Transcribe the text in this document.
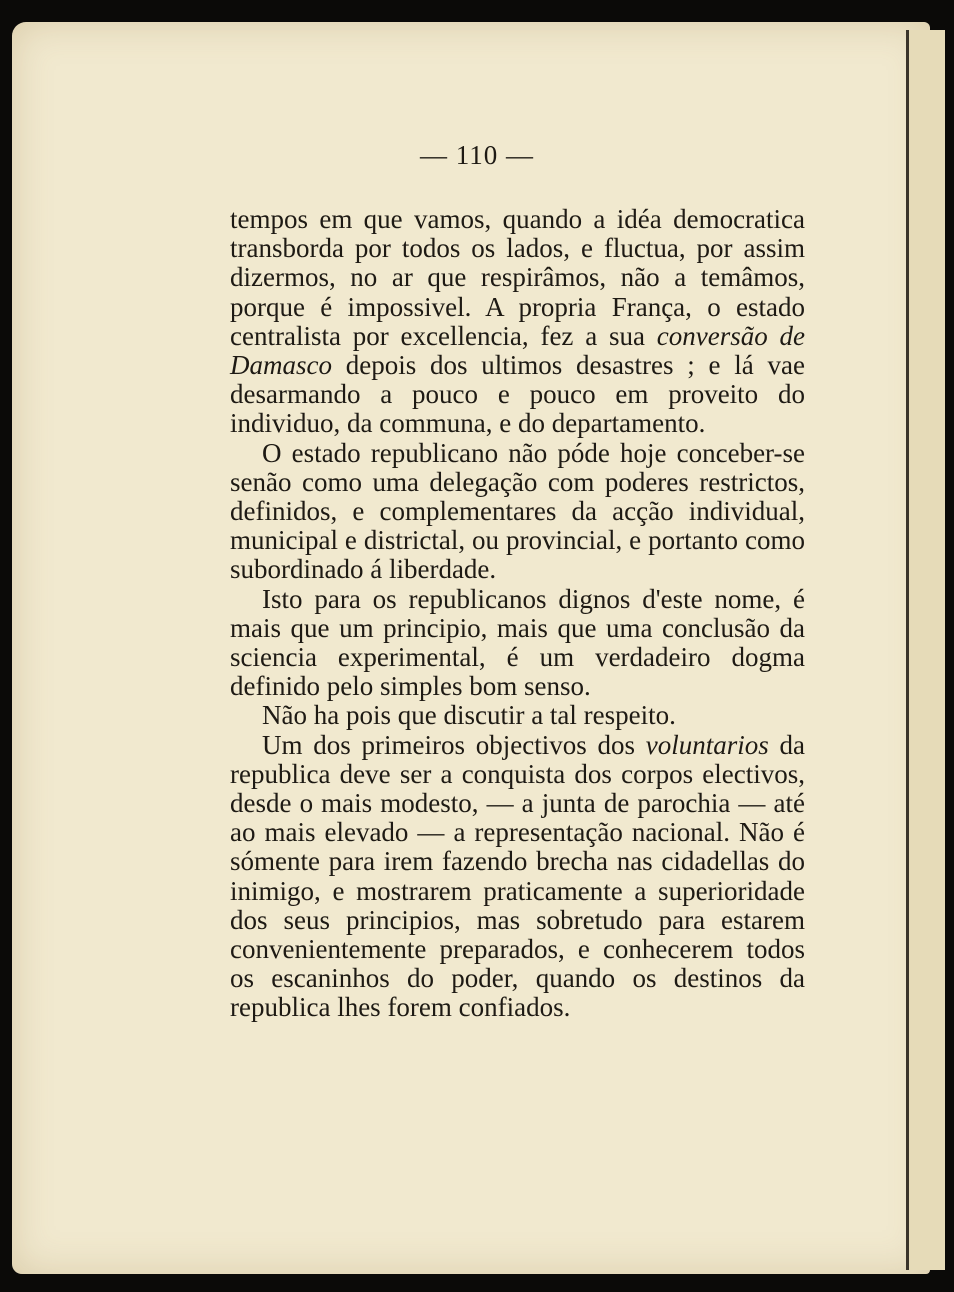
— 110 —

tempos em que vamos, quando a idéa democratica transborda por todos os lados, e fluctua, por assim dizermos, no ar que respirâmos, não a temâmos, porque é impossivel. A propria França, o estado centralista por excellencia, fez a sua conversão de Damasco depois dos ultimos desastres ; e lá vae desarmando a pouco e pouco em proveito do individuo, da communa, e do departamento.

O estado republicano não póde hoje conceber-se senão como uma delegação com poderes restrictos, definidos, e complementares da acção individual, municipal e districtal, ou provincial, e portanto como subordinado á liberdade.

Isto para os republicanos dignos d'este nome, é mais que um principio, mais que uma conclusão da sciencia experimental, é um verdadeiro dogma definido pelo simples bom senso.

Não ha pois que discutir a tal respeito.

Um dos primeiros objectivos dos voluntarios da republica deve ser a conquista dos corpos electivos, desde o mais modesto, — a junta de parochia — até ao mais elevado — a representação nacional. Não é sómente para irem fazendo brecha nas cidadellas do inimigo, e mostrarem praticamente a superioridade dos seus principios, mas sobretudo para estarem convenientemente preparados, e conhecerem todos os escaninhos do poder, quando os destinos da republica lhes forem confiados.
